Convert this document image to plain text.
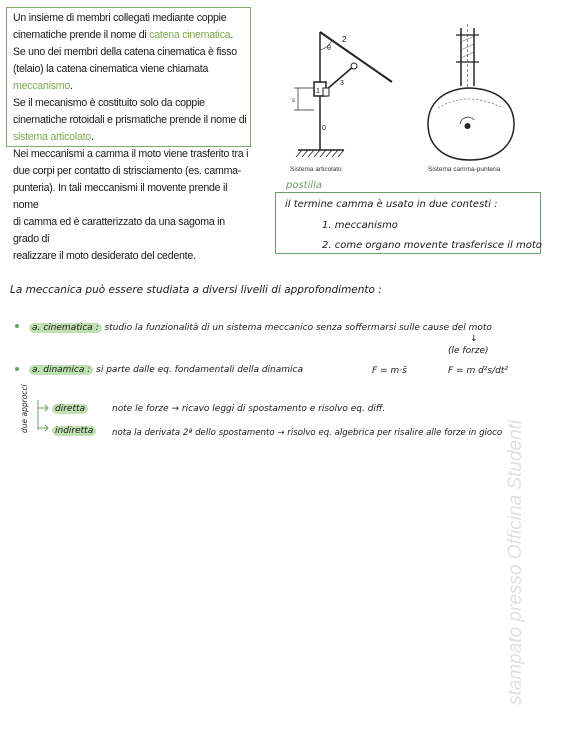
Un insieme di membri collegati mediante coppie

cinematiche prende il nome di catena cinematica.

Se uno dei membri della catena cinematica è fisso

(telaio) la catena cinematica viene chiamata

meccanismo.

Se il mecanismo è costituito solo da coppie

cinematiche rotoidali e prismatiche prende il nome di

sistema articolato.

Nei meccanismi a camma il moto viene trasferito tra i

due corpi per contatto di strisciamento (es. camma-

punteria). In tali meccanismi il movente prende il nome

di camma ed è caratterizzato da una sagoma in grado di

realizzare il moto desiderato del cedente.

2
θ
1
3
0
s
Sistema articolato	Sistema camma-punteria
postilla
il termine camma è usato in due contesti :
1. meccanismo
2. come organo movente trasferisce il moto
La meccanica può essere studiata a diversi livelli di approfondimento :
a. cinematica : studio la funzionalità di un sistema meccanico senza soffermarsi sulle cause del moto
↓
(le forze)
a. dinamica : si parte dalle eq. fondamentali della dinamica	F = m·s̈	F = m d²s/dt²
due approcci	diretta	note le forze → ricavo leggi di spostamento e risolvo eq. diff.
indiretta	nota la derivata 2ª dello spostamento → risolvo eq. algebrica per risalire alle forze in gioco stampato presso Officina Studenti
